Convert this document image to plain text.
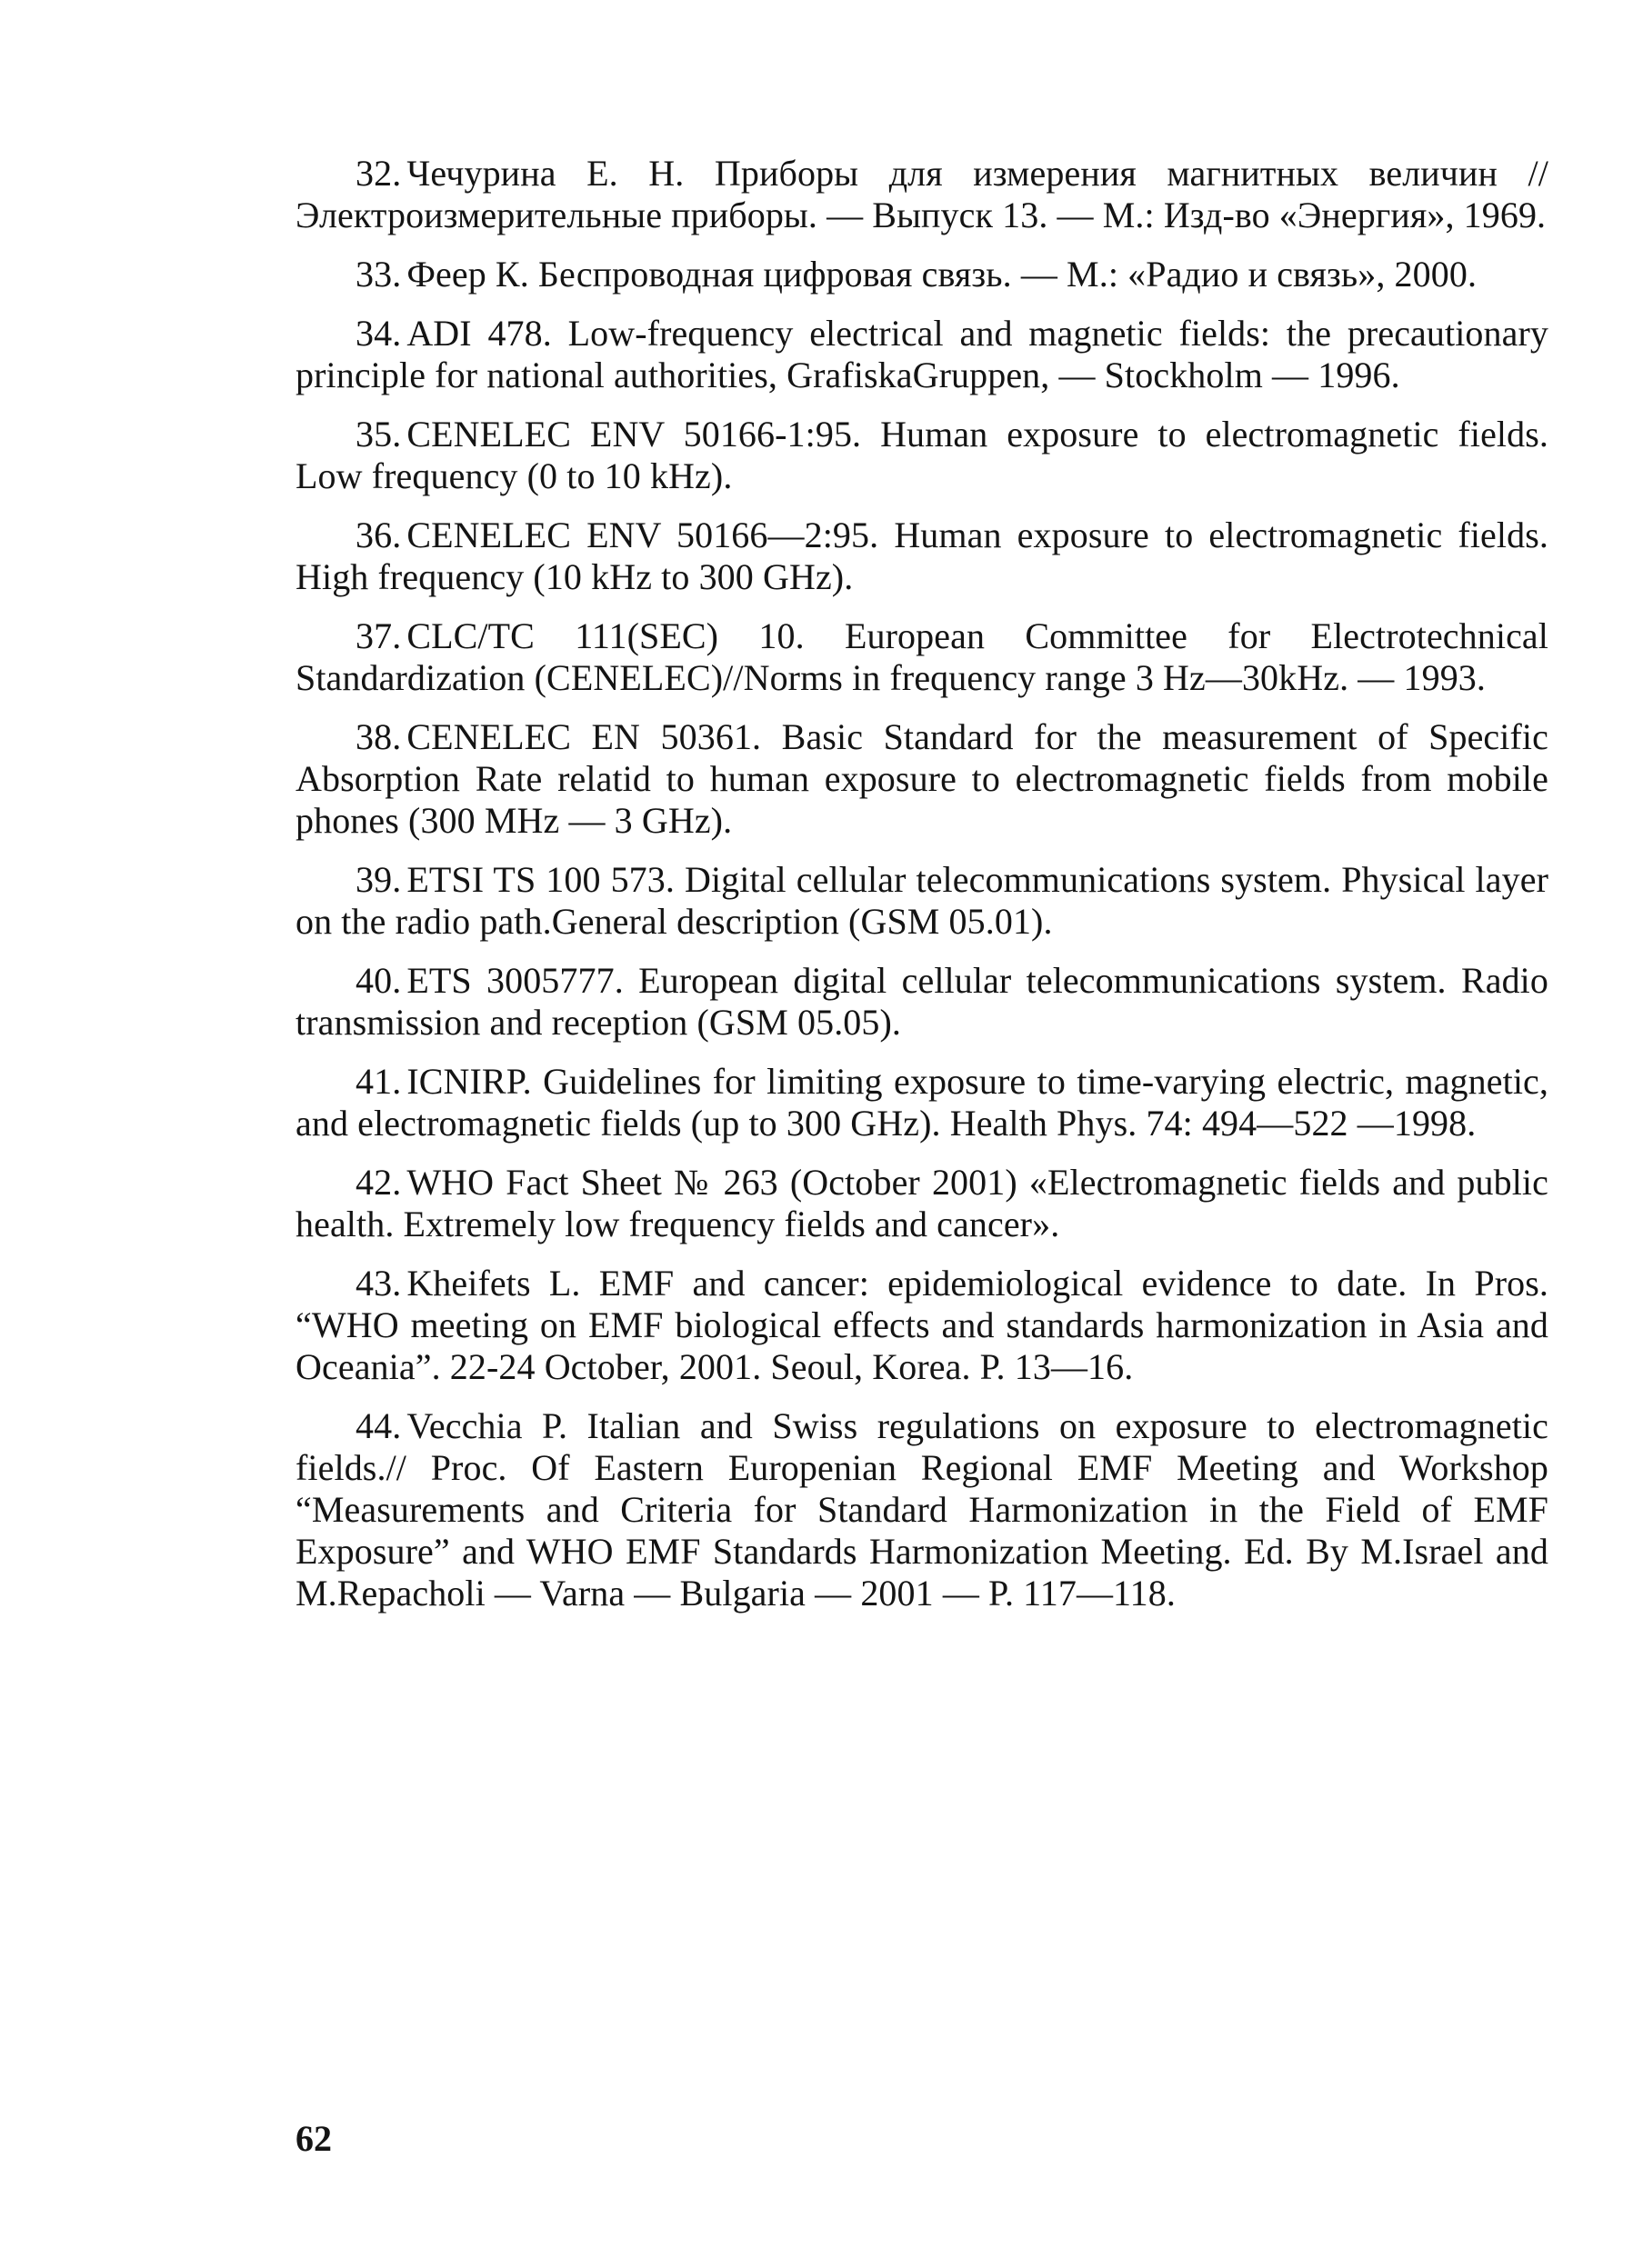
32. Чечурина Е. Н. Приборы для измерения магнитных величин //Электроизмерительные приборы. — Выпуск 13. — М.: Изд-во «Энергия», 1969.
33. Феер К. Беспроводная цифровая связь. — М.: «Радио и связь», 2000.
34. ADI 478. Low-frequency electrical and magnetic fields: the precautionary principle for national authorities, GrafiskaGruppen, — Stockholm — 1996.
35. CENELEC ENV 50166-1:95. Human exposure to electromagnetic fields. Low frequency (0 to 10 kHz).
36. CENELEC ENV 50166—2:95. Human exposure to electromagnetic fields. High frequency (10 kHz to 300 GHz).
37. CLC/TC 111(SEC) 10. European Committee for Electrotechnical Standardization (CENELEC)//Norms in frequency range 3 Hz—30kHz. — 1993.
38. CENELEC EN 50361. Basic Standard for the measurement of Specific Absorption Rate relatid to human exposure to electromagnetic fields from mobile phones (300 MHz — 3 GHz).
39. ETSI TS 100 573. Digital cellular telecommunications system. Physical layer on the radio path.General description (GSM 05.01).
40. ETS 3005777. European digital cellular telecommunications system. Radio transmission and reception (GSM 05.05).
41. ICNIRP. Guidelines for limiting exposure to time-varying electric, magnetic, and electromagnetic fields (up to 300 GHz). Health Phys. 74: 494—522 —1998.
42. WHO Fact Sheet № 263 (October 2001) «Electromagnetic fields and public health. Extremely low frequency fields and cancer».
43. Kheifets L. EMF and cancer: epidemiological evidence to date. In Pros. “WHO meeting on EMF biological effects and standards harmonization in Asia and Oceania”. 22-24 October, 2001. Seoul, Korea. P. 13—16.
44. Vecchia P. Italian and Swiss regulations on exposure to electromagnetic fields.// Proc. Of Eastern Europenian Regional EMF Meeting and Workshop “Measurements and Criteria for Standard Harmonization in the Field of EMF Exposure” and WHO EMF Standards Harmonization Meeting. Ed. By M.Israel and M.Repacholi — Varna — Bulgaria — 2001 — P. 117—118.
62
